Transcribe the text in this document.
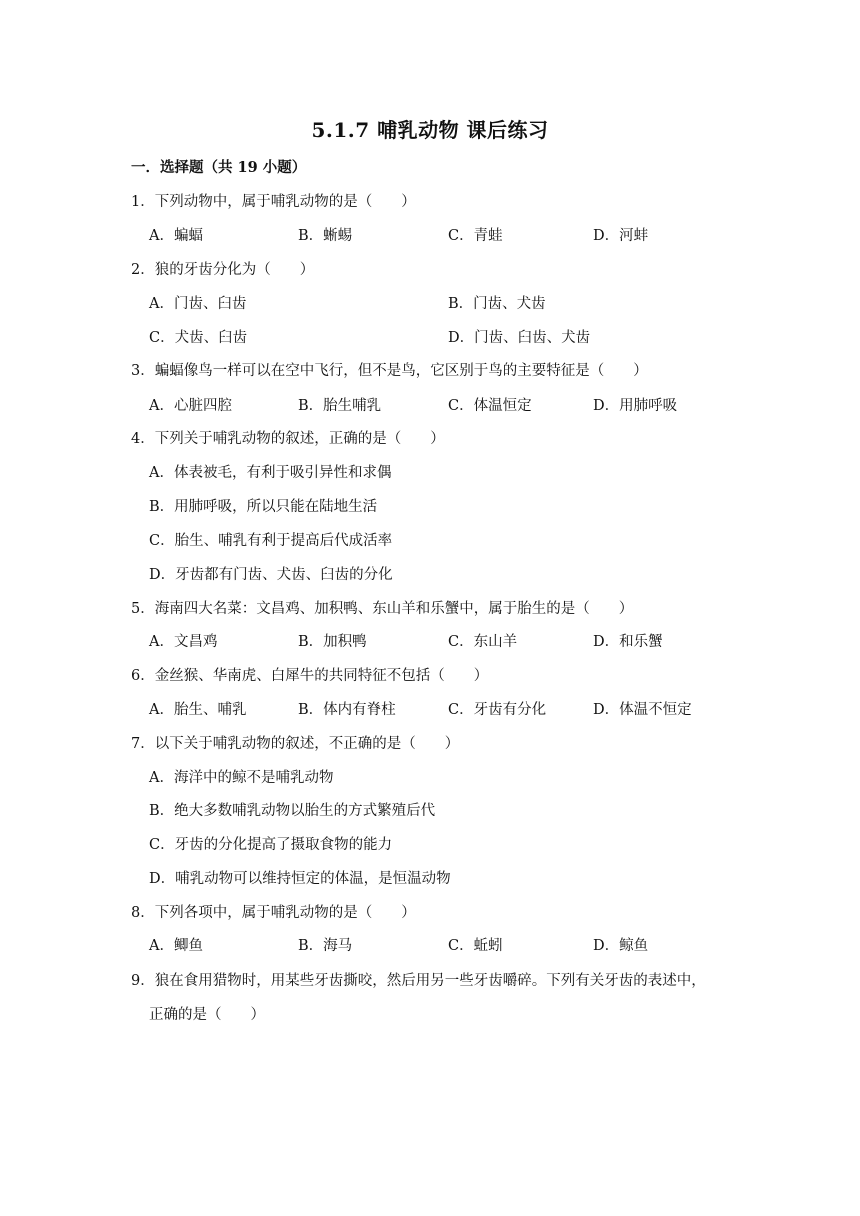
5.1.7 哺乳动物 课后练习
一．选择题（共 19 小题）
1．下列动物中，属于哺乳动物的是（　　）
A．蝙蝠	B．蜥蜴	C．青蛙	D．河蚌
2．狼的牙齿分化为（　　）
A．门齿、臼齿	B．门齿、犬齿
C．犬齿、臼齿	D．门齿、臼齿、犬齿
3．蝙蝠像鸟一样可以在空中飞行，但不是鸟，它区别于鸟的主要特征是（　　）
A．心脏四腔	B．胎生哺乳	C．体温恒定	D．用肺呼吸
4．下列关于哺乳动物的叙述，正确的是（　　）
A．体表被毛，有利于吸引异性和求偶
B．用肺呼吸，所以只能在陆地生活
C．胎生、哺乳有利于提高后代成活率
D．牙齿都有门齿、犬齿、臼齿的分化
5．海南四大名菜：文昌鸡、加积鸭、东山羊和乐蟹中，属于胎生的是（　　）
A．文昌鸡	B．加积鸭	C．东山羊	D．和乐蟹
6．金丝猴、华南虎、白犀牛的共同特征不包括（　　）
A．胎生、哺乳	B．体内有脊柱	C．牙齿有分化	D．体温不恒定
7．以下关于哺乳动物的叙述，不正确的是（　　）
A．海洋中的鲸不是哺乳动物
B．绝大多数哺乳动物以胎生的方式繁殖后代
C．牙齿的分化提高了摄取食物的能力
D．哺乳动物可以维持恒定的体温，是恒温动物
8．下列各项中，属于哺乳动物的是（　　）
A．鲫鱼	B．海马	C．蚯蚓	D．鲸鱼
9．狼在食用猎物时，用某些牙齿撕咬，然后用另一些牙齿嚼碎。下列有关牙齿的表述中，
正确的是（　　）
